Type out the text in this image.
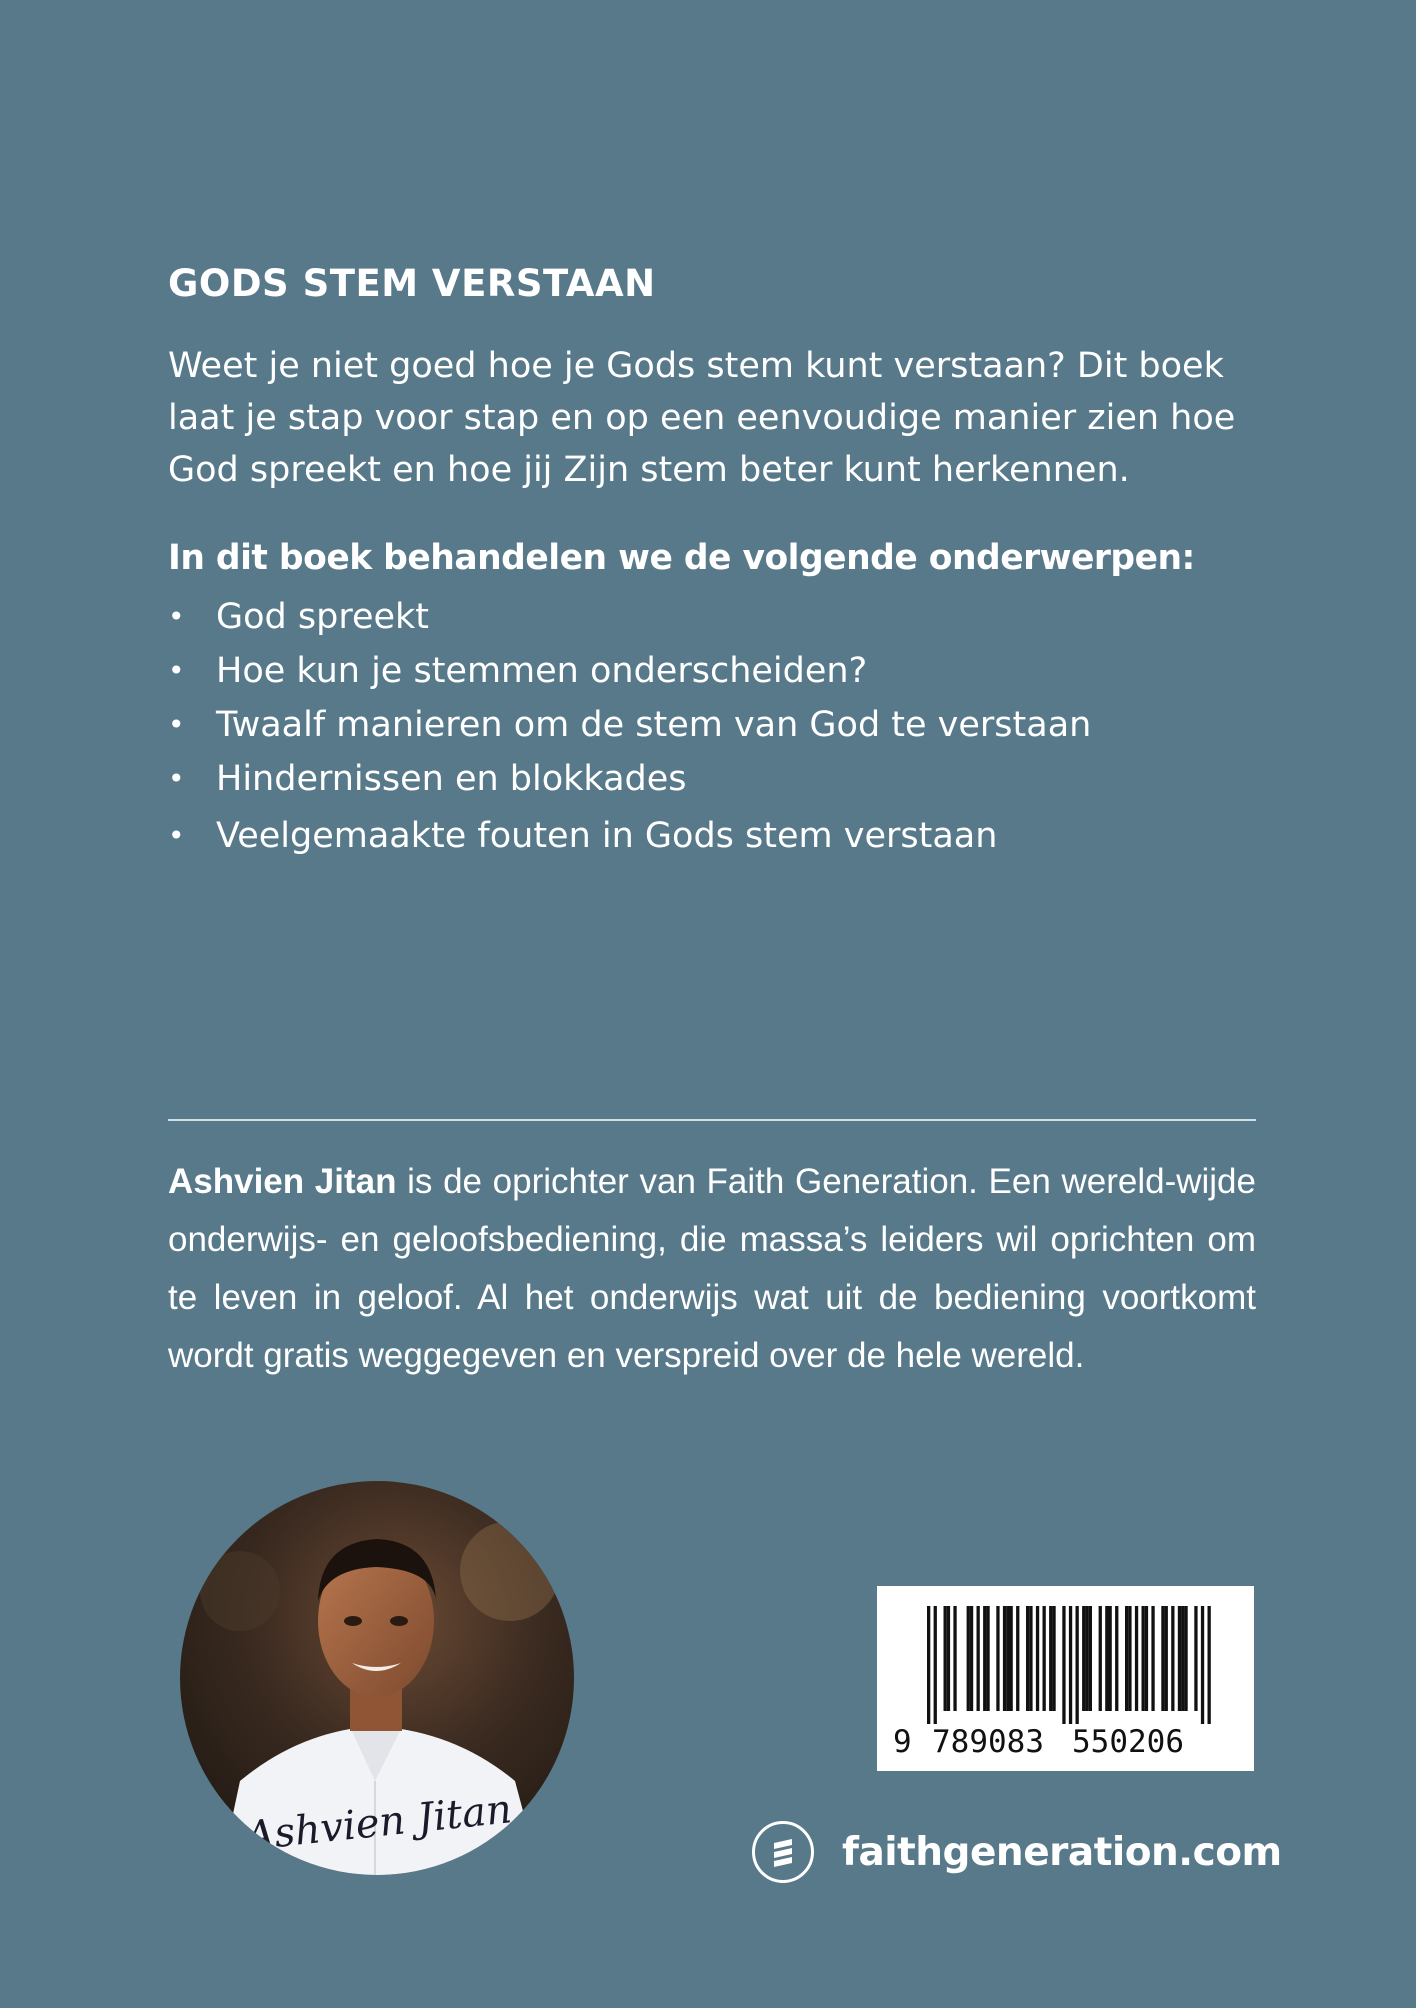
GODS STEM VERSTAAN

Weet je niet goed hoe je Gods stem kunt verstaan? Dit boek laat je stap voor stap en op een eenvoudige manier zien hoe God spreekt en hoe jij Zijn stem beter kunt herkennen.

In dit boek behandelen we de volgende onderwerpen:
• God spreekt
• Hoe kun je stemmen onderscheiden?
• Twaalf manieren om de stem van God te verstaan
• Hindernissen en blokkades
• Veelgemaakte fouten in Gods stem verstaan

Ashvien Jitan is de oprichter van Faith Generation. Een wereld-wijde onderwijs- en geloofsbediening, die massa’s leiders wil oprichten om te leven in geloof. Al het onderwijs wat uit de bediening voortkomt wordt gratis weggegeven en verspreid over de hele wereld.

Ashvien Jitan
9 789083 550206
faithgeneration.com
